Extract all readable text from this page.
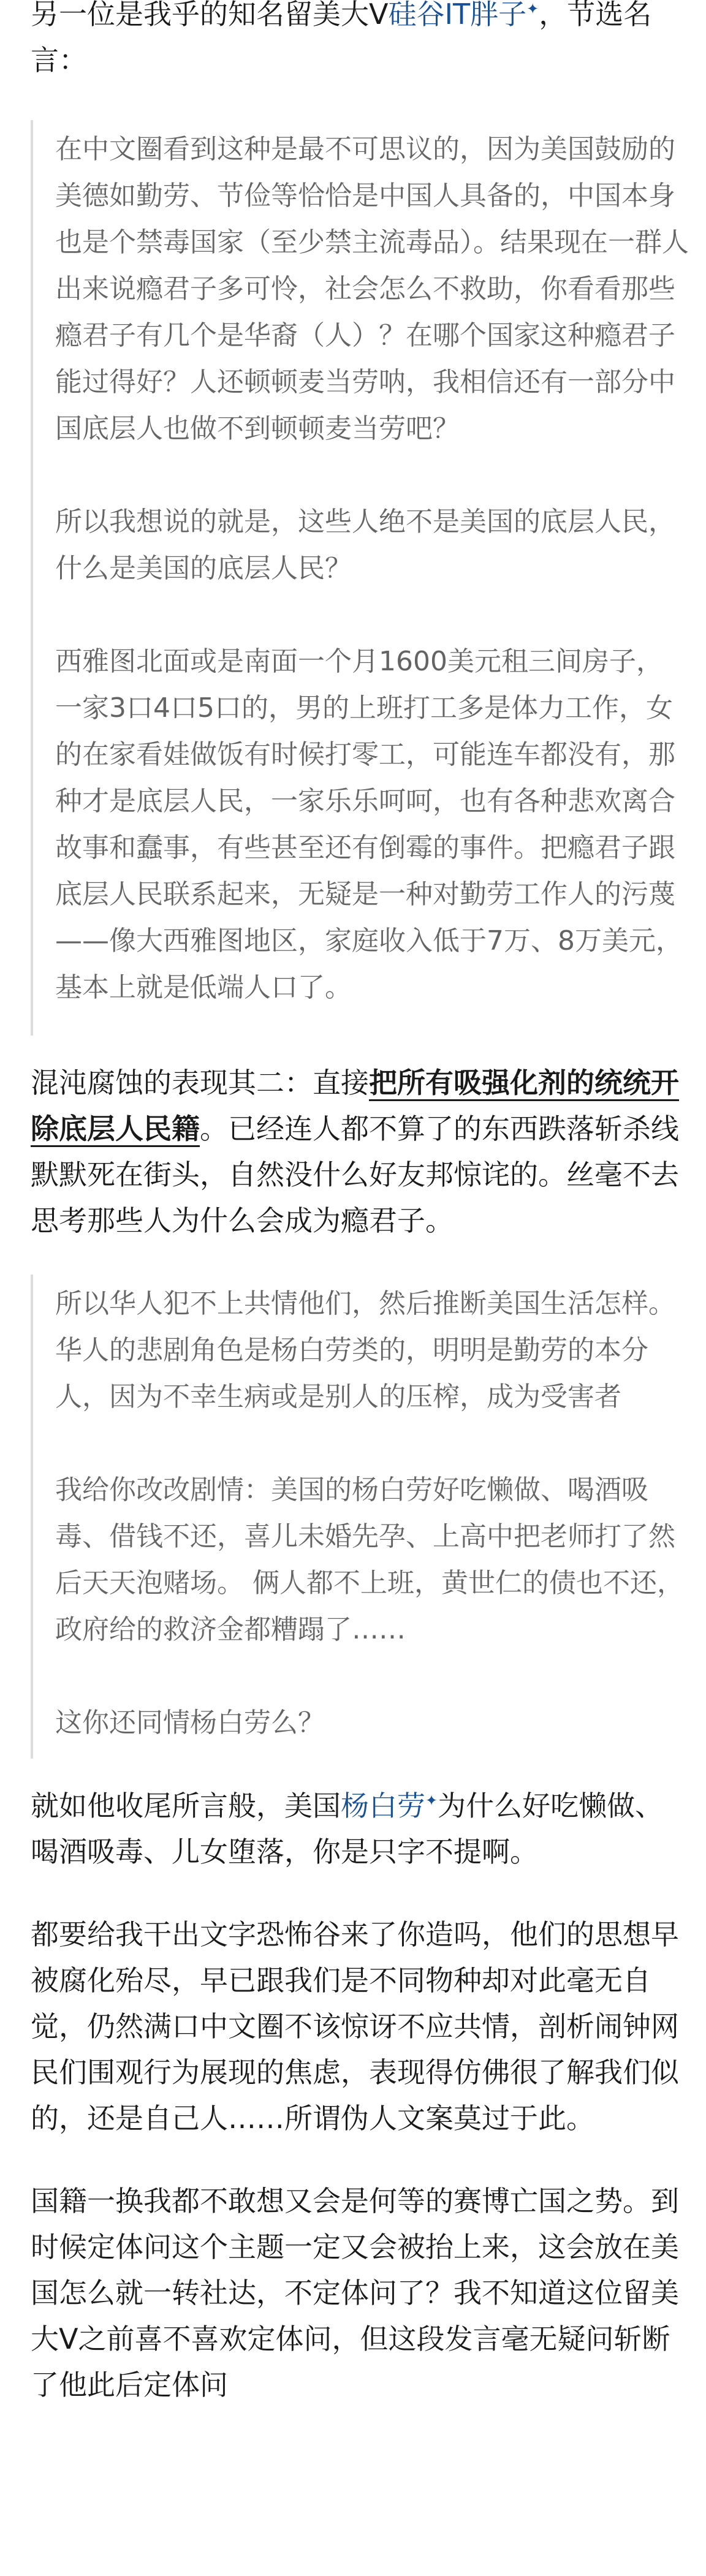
另一位是我乎的知名留美大V硅谷IT胖子✦，节选名言：

在中文圈看到这种是最不可思议的，因为美国鼓励的美德如勤劳、节俭等恰恰是中国人具备的，中国本身也是个禁毒国家（至少禁主流毒品）。结果现在一群人出来说瘾君子多可怜，社会怎么不救助，你看看那些瘾君子有几个是华裔（人）？在哪个国家这种瘾君子能过得好？人还顿顿麦当劳呐，我相信还有一部分中国底层人也做不到顿顿麦当劳吧？

所以我想说的就是，这些人绝不是美国的底层人民，什么是美国的底层人民？

西雅图北面或是南面一个月1600美元租三间房子，一家3口4口5口的，男的上班打工多是体力工作，女的在家看娃做饭有时候打零工，可能连车都没有，那种才是底层人民，一家乐乐呵呵，也有各种悲欢离合故事和蠢事，有些甚至还有倒霉的事件。把瘾君子跟底层人民联系起来，无疑是一种对勤劳工作人的污蔑——像大西雅图地区，家庭收入低于7万、8万美元，基本上就是低端人口了。

混沌腐蚀的表现其二：直接把所有吸强化剂的统统开除底层人民籍。已经连人都不算了的东西跌落斩杀线默默死在街头，自然没什么好友邦惊诧的。丝毫不去思考那些人为什么会成为瘾君子。

所以华人犯不上共情他们，然后推断美国生活怎样。华人的悲剧角色是杨白劳类的，明明是勤劳的本分人，因为不幸生病或是别人的压榨，成为受害者

我给你改改剧情：美国的杨白劳好吃懒做、喝酒吸毒、借钱不还，喜儿未婚先孕、上高中把老师打了然后天天泡赌场。 俩人都不上班，黄世仁的债也不还，政府给的救济金都糟蹋了……

这你还同情杨白劳么？

就如他收尾所言般，美国杨白劳✦为什么好吃懒做、喝酒吸毒、儿女堕落，你是只字不提啊。

都要给我干出文字恐怖谷来了你造吗，他们的思想早被腐化殆尽，早已跟我们是不同物种却对此毫无自觉，仍然满口中文圈不该惊讶不应共情，剖析闹钟网民们围观行为展现的焦虑，表现得仿佛很了解我们似的，还是自己人……所谓伪人文案莫过于此。

国籍一换我都不敢想又会是何等的赛博亡国之势。到时候定体问这个主题一定又会被抬上来，这会放在美国怎么就一转社达，不定体问了？我不知道这位留美大V之前喜不喜欢定体问，但这段发言毫无疑问斩断了他此后定体问
